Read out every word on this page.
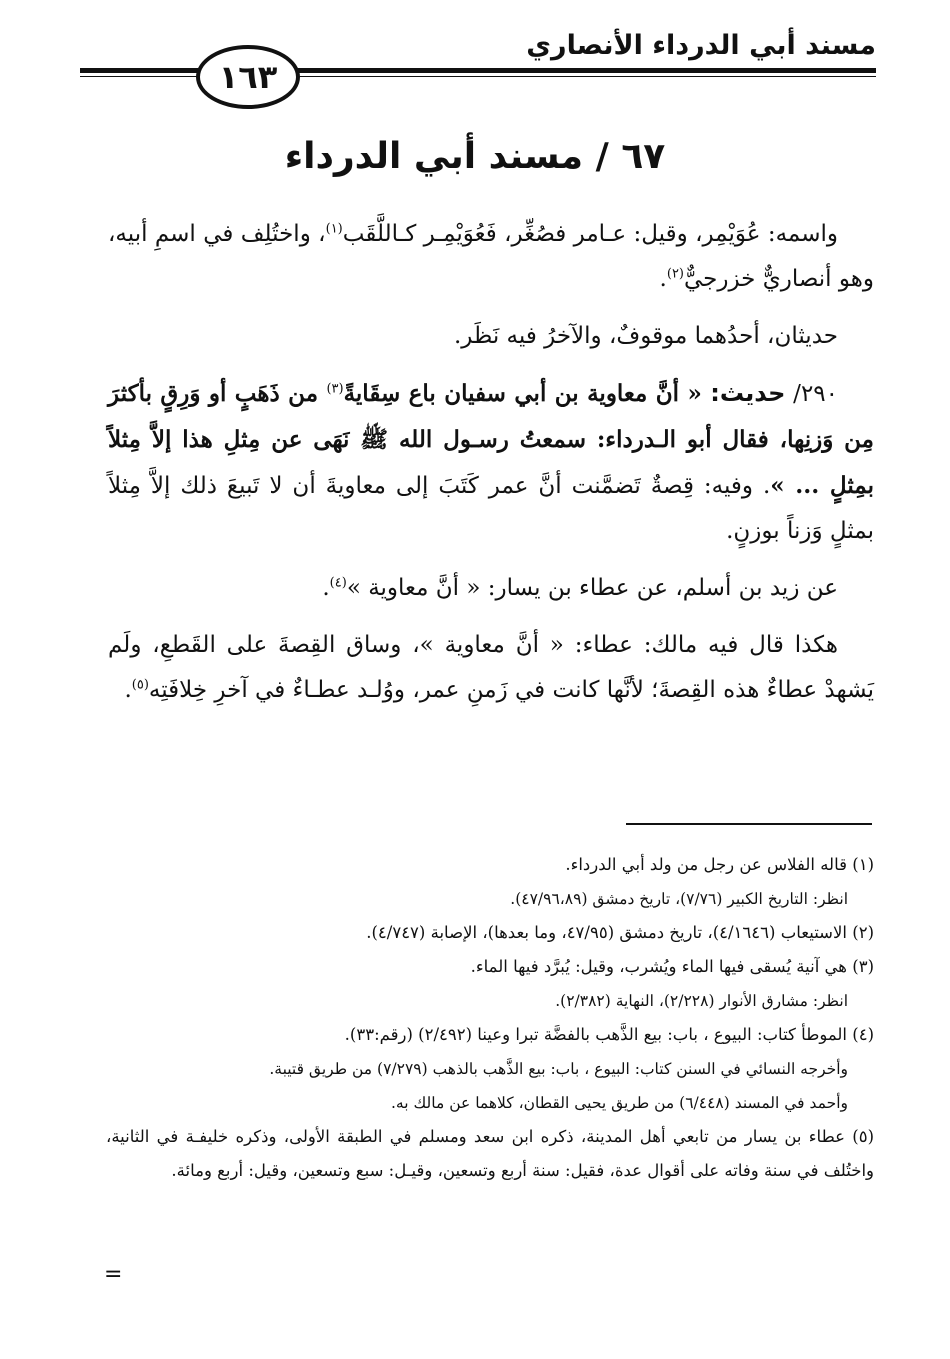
مسند أبي الدرداء الأنصاري
١٦٣
٦٧ / مسند أبي الدرداء

واسمه: عُوَيْمِر، وقيل: عـامر فصُغِّر، فَعُوَيْمِـر كـاللَّقَب$^{(١)}$، واختُلِف في اسمِ أبيه، وهو أنصاريٌّ خزرجيٌّ$^{(٢)}$.

حديثان، أحدُهما موقوفٌ، والآخرُ فيه نَظَر.

٢٩٠/ حديث: « أنَّ معاوية بن أبي سفيان باع سِقَايةً$^{(٣)}$ من ذَهَبٍ أو وَرِقٍ بأكثرَ مِن وَزنِها، فقال أبو الـدرداء: سمعتُ رسـول الله ﷺ نَهَى عن مِثلِ هذا إلاَّ مِثلاً بمِثلٍ ... ». وفيه: قِصةٌ تَضمَّنت أنَّ عمر كَتَبَ إلى معاويةَ أن لا تَبيعَ ذلك إلاَّ مِثلاً بمثلٍ وَزناً بوزنٍ.

عن زيد بن أسلم، عن عطاء بن يسار: « أنَّ معاوية »$^{(٤)}$.

هكذا قال فيه مالك: عطاء: « أنَّ معاوية »، وساق القِصةَ على القَطعِ، ولَم يَشهدْ عطاءٌ هذه القِصةَ؛ لأنَّها كانت في زَمنِ عمر، ووُلـد عطـاءٌ في آخرِ خِلافَتِه$^{(٥)}$.

(١) قاله الفلاس عن رجل من ولد أبي الدرداء.
انظر: التاريخ الكبير (٧/٧٦)، تاريخ دمشق (٤٧/٩٦،٨٩).
(٢) الاستيعاب (٤/١٦٤٦)، تاريخ دمشق (٤٧/٩٥، وما بعدها)، الإصابة (٤/٧٤٧).
(٣) هي آنية يُسقى فيها الماء ويُشرب، وقيل: يُبرَّد فيها الماء.
انظر: مشارق الأنوار (٢/٢٢٨)، النهاية (٢/٣٨٢).
(٤) الموطأ كتاب: البيوع ، باب: بيع الذَّهب بالفضَّة تبرا وعينا (٢/٤٩٢) (رقم:٣٣).
وأخرجه النسائي في السنن كتاب: البيوع ، باب: بيع الذَّهب بالذهب (٧/٢٧٩) من طريق قتيبة.
وأحمد في المسند (٦/٤٤٨) من طريق يحيى القطان، كلاهما عن مالك به.
(٥) عطاء بن يسار من تابعي أهل المدينة، ذكره ابن سعد ومسلم في الطبقة الأولى، وذكره خليفـة في الثانية، واختُلف في سنة وفاته على أقوال عدة، فقيل: سنة أربع وتسعين، وقيـل: سبع وتسعين، وقيل: أربع ومائة.
=
